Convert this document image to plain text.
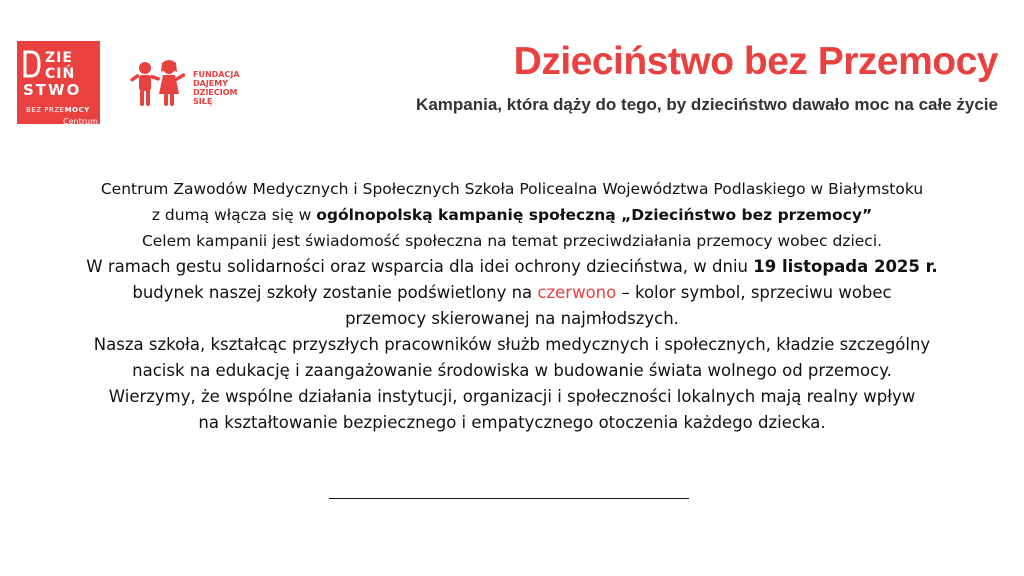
ZIE
CIŃ
STWO
BEZ PRZEMOCY
Centrum Za
FUNDACJA
DAJEMY
DZIECIOM
SIŁĘ
Dzieciństwo bez Przemocy
Kampania, która dąży do tego, by dzieciństwo dawało moc na całe życie

Centrum Zawodów Medycznych i Społecznych Szkoła Policealna Województwa Podlaskiego w Białymstoku

z dumą włącza się w ogólnopolską kampanię społeczną „Dzieciństwo bez przemocy”

Celem kampanii jest świadomość społeczna na temat przeciwdziałania przemocy wobec dzieci.

W ramach gestu solidarności oraz wsparcia dla idei ochrony dzieciństwa, w dniu 19 listopada 2025 r.

budynek naszej szkoły zostanie podświetlony na czerwono – kolor symbol, sprzeciwu wobec

przemocy skierowanej na najmłodszych.

Nasza szkoła, kształcąc przyszłych pracowników służb medycznych i społecznych, kładzie szczególny

nacisk na edukację i zaangażowanie środowiska w budowanie świata wolnego od przemocy.

Wierzymy, że wspólne działania instytucji, organizacji i społeczności lokalnych mają realny wpływ

na kształtowanie bezpiecznego i empatycznego otoczenia każdego dziecka.
